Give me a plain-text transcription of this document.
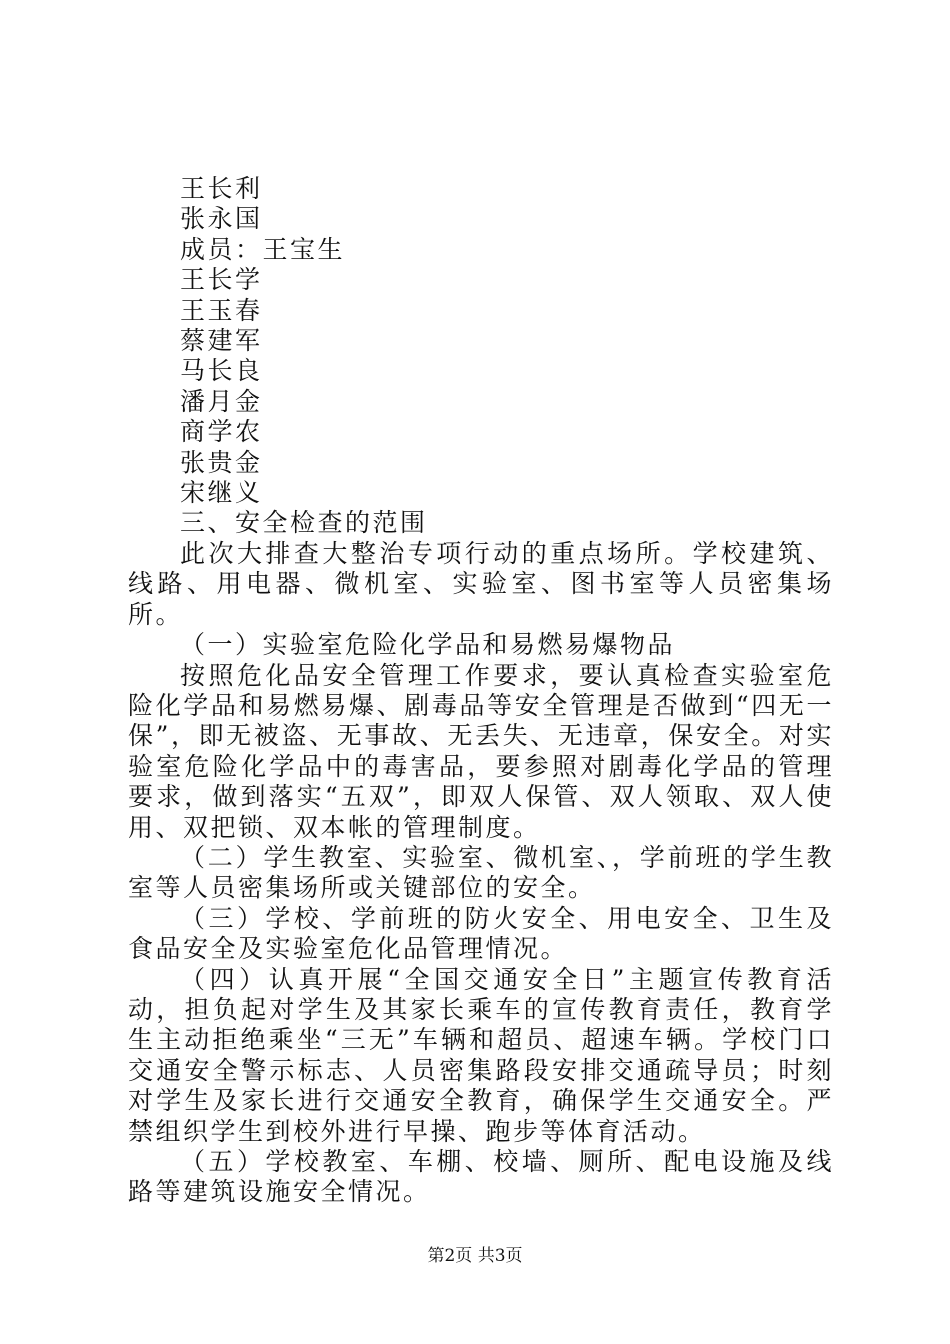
王长利

张永国

成员：王宝生

王长学

王玉春

蔡建军

马长良

潘月金

商学农

张贵金

宋继义

三、安全检查的范围

此次大排查大整治专项行动的重点场所。学校建筑、线路、用电器、微机室、实验室、图书室等人员密集场所。

（一）实验室危险化学品和易燃易爆物品

按照危化品安全管理工作要求，要认真检查实验室危险化学品和易燃易爆、剧毒品等安全管理是否做到“四无一保”，即无被盗、无事故、无丢失、无违章，保安全。对实验室危险化学品中的毒害品，要参照对剧毒化学品的管理要求，做到落实“五双”，即双人保管、双人领取、双人使用、双把锁、双本帐的管理制度。

（二）学生教室、实验室、微机室、，学前班的学生教室等人员密集场所或关键部位的安全。

（三）学校、学前班的防火安全、用电安全、卫生及食品安全及实验室危化品管理情况。

（四）认真开展“全国交通安全日”主题宣传教育活动，担负起对学生及其家长乘车的宣传教育责任，教育学生主动拒绝乘坐“三无”车辆和超员、超速车辆。学校门口交通安全警示标志、人员密集路段安排交通疏导员；时刻对学生及家长进行交通安全教育，确保学生交通安全。严禁组织学生到校外进行早操、跑步等体育活动。

（五）学校教室、车棚、校墙、厕所、配电设施及线路等建筑设施安全情况。

第2页 共3页
